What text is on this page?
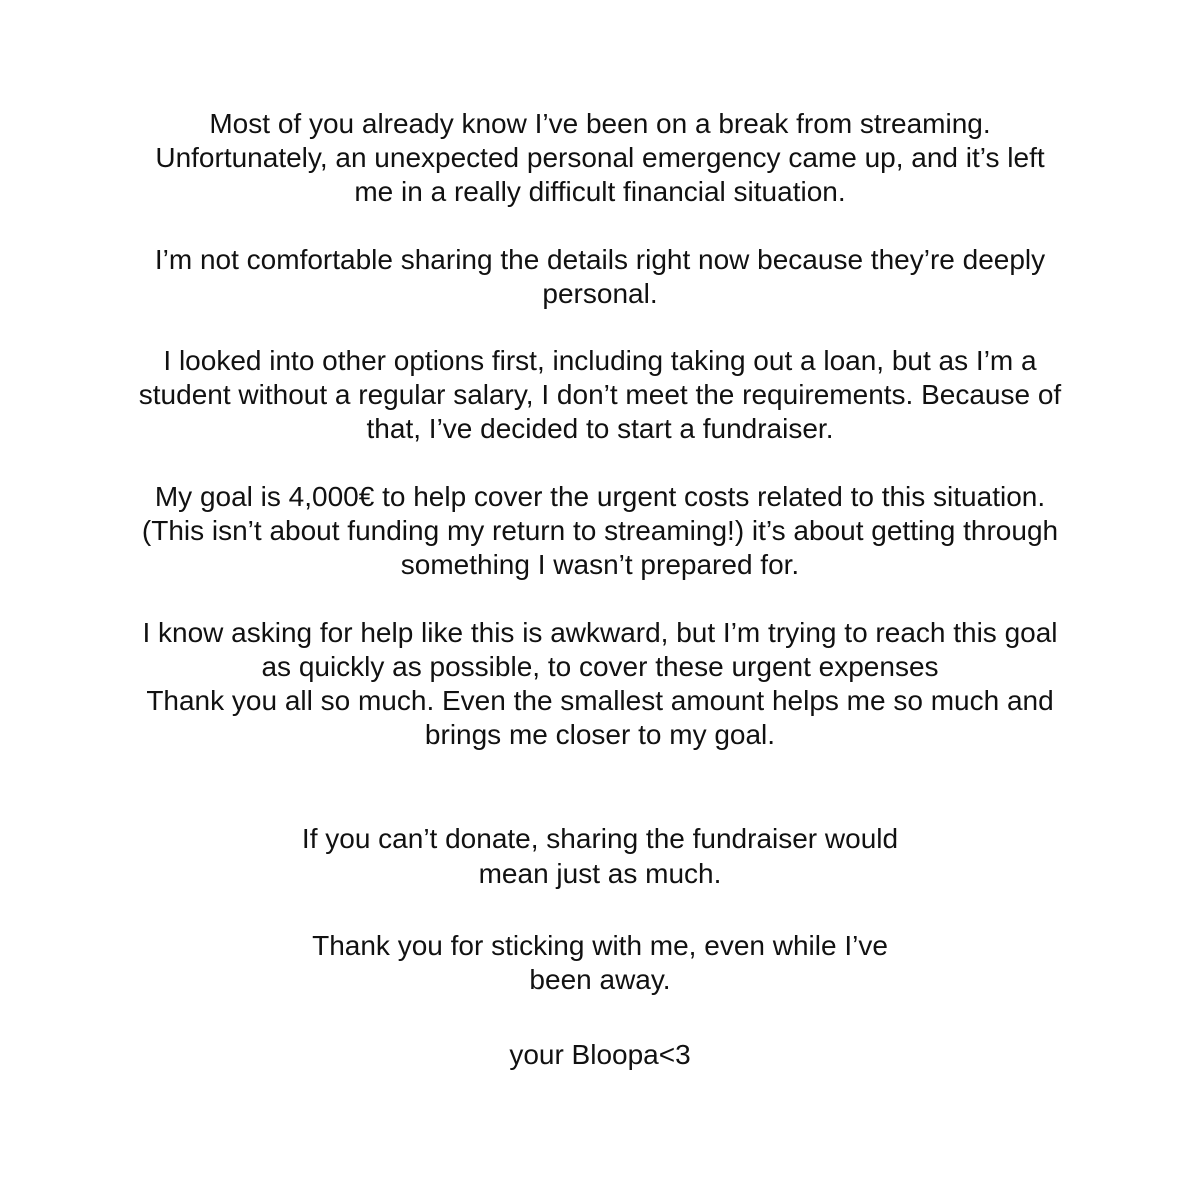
Most of you already know I’ve been on a break from streaming.
Unfortunately, an unexpected personal emergency came up, and it’s left
me in a really difficult financial situation.
I’m not comfortable sharing the details right now because they’re deeply
personal.
I looked into other options first, including taking out a loan, but as I’m a
student without a regular salary, I don’t meet the requirements. Because of
that, I’ve decided to start a fundraiser.
My goal is 4,000€ to help cover the urgent costs related to this situation.
(This isn’t about funding my return to streaming!) it’s about getting through
something I wasn’t prepared for.
I know asking for help like this is awkward, but I’m trying to reach this goal
as quickly as possible, to cover these urgent expenses
Thank you all so much. Even the smallest amount helps me so much and
brings me closer to my goal.
If you can’t donate, sharing the fundraiser would
mean just as much.
Thank you for sticking with me, even while I’ve
been away.
your Bloopa<3
